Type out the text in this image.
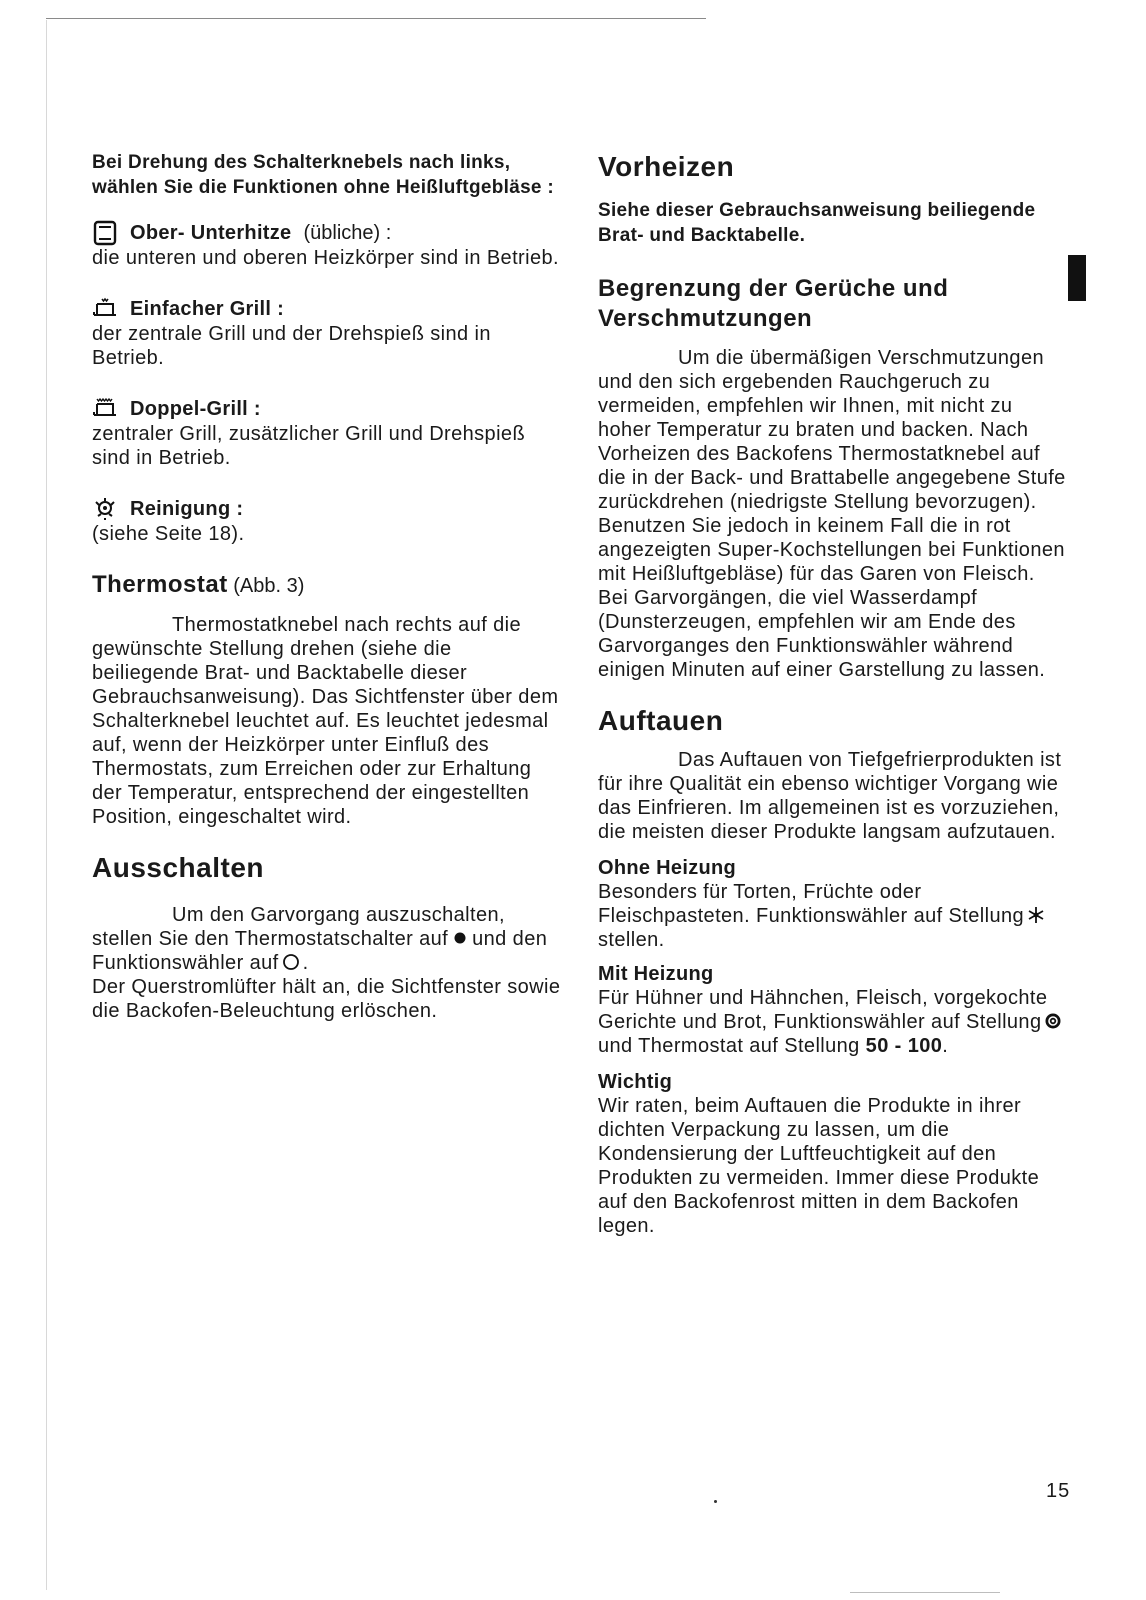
Bei Drehung des Schalterknebels nach links, wählen Sie die Funktionen ohne Heißluftgebläse :

Ober- Unterhitze (übliche) :

die unteren und oberen Heizkörper sind in Betrieb.

Einfacher Grill :

der zentrale Grill und der Drehspieß sind in Betrieb.

Doppel-Grill :

zentraler Grill, zusätzlicher Grill und Drehspieß sind in Betrieb.

Reinigung :

(siehe Seite 18).

Thermostat (Abb. 3)

Thermostatknebel nach rechts auf die gewünschte Stellung drehen (siehe die beiliegende Brat- und Backtabelle dieser Gebrauchsanweisung). Das Sichtfenster über dem Schalterknebel leuchtet auf. Es leuchtet jedesmal auf, wenn der Heizkörper unter Einfluß des Thermostats, zum Erreichen oder zur Erhaltung der Temperatur, entsprechend der eingestellten Position, eingeschaltet wird.

Ausschalten

Um den Garvorgang auszuschalten, stellen Sie den Thermostatschalter auf und den Funktionswähler auf .

Der Querstromlüfter hält an, die Sichtfenster sowie die Backofen-Beleuchtung erlöschen.

Vorheizen

Siehe dieser Gebrauchsanweisung beiliegende Brat- und Backtabelle.

Begrenzung der Gerüche und Verschmutzungen

Um die übermäßigen Verschmutzungen und den sich ergebenden Rauchgeruch zu vermeiden, empfehlen wir Ihnen, mit nicht zu hoher Temperatur zu braten und backen. Nach Vorheizen des Backofens Thermostatknebel auf die in der Back- und Brattabelle angegebene Stufe zurückdrehen (niedrigste Stellung bevorzugen). Benutzen Sie jedoch in keinem Fall die in rot angezeigten Super-Kochstellungen bei Funktionen mit Heißluftgebläse) für das Garen von Fleisch.

Bei Garvorgängen, die viel Wasserdampf (Dunsterzeugen, empfehlen wir am Ende des Garvorganges den Funktionswähler während einigen Minuten auf einer Garstellung zu lassen.

Auftauen

Das Auftauen von Tiefgefrierprodukten ist für ihre Qualität ein ebenso wichtiger Vorgang wie das Einfrieren. Im allgemeinen ist es vorzuziehen, die meisten dieser Produkte langsam aufzutauen.

Ohne Heizung

Besonders für Torten, Früchte oder Fleischpasteten. Funktionswähler auf Stellung
stellen.

Mit Heizung

Für Hühner und Hähnchen, Fleisch, vorgekochte Gerichte und Brot, Funktionswähler auf Stellung
und Thermostat auf Stellung 50 - 100.

Wichtig

Wir raten, beim Auftauen die Produkte in ihrer dichten Verpackung zu lassen, um die Kondensierung der Luftfeuchtigkeit auf den Produkten zu vermeiden. Immer diese Produkte auf den Backofenrost mitten in dem Backofen legen.

15
